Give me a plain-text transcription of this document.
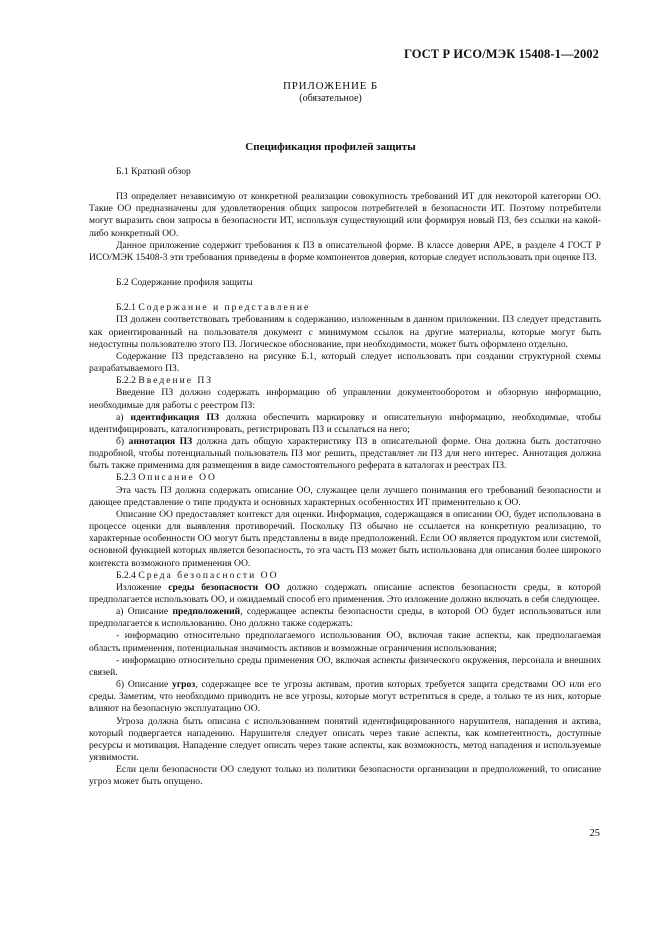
ГОСТ Р ИСО/МЭК 15408-1—2002
ПРИЛОЖЕНИЕ Б
(обязательное)
Спецификация профилей защиты

Б.1 Краткий обзор

ПЗ определяет независимую от конкретной реализации совокупность требований ИТ для некоторой категории ОО. Такие ОО предназначены для удовлетворения общих запросов потребителей в безопасности ИТ. Поэтому потребители могут выразить свои запросы в безопасности ИТ, используя существующий или формируя новый ПЗ, без ссылки на какой-либо конкретный ОО.

Данное приложение содержит требования к ПЗ в описательной форме. В классе доверия APE, в разделе 4 ГОСТ Р ИСО/МЭК 15408-3 эти требования приведены в форме компонентов доверия, которые следует использовать при оценке ПЗ.

Б.2 Содержание профиля защиты

Б.2.1 Содержание и представление

ПЗ должен соответствовать требованиям к содержанию, изложенным в данном приложении. ПЗ следует представить как ориентированный на пользователя документ с минимумом ссылок на другие материалы, которые могут быть недоступны пользователю этого ПЗ. Логическое обоснование, при необходимости, может быть оформлено отдельно.

Содержание ПЗ представлено на рисунке Б.1, который следует использовать при создании структурной схемы разрабатываемого ПЗ.

Б.2.2 Введение ПЗ

Введение ПЗ должно содержать информацию об управлении документооборотом и обзорную информацию, необходимые для работы с реестром ПЗ:

а) идентификация ПЗ должна обеспечить маркировку и описательную информацию, необходимые, чтобы идентифицировать, каталогизировать, регистрировать ПЗ и ссылаться на него;

б) аннотация ПЗ должна дать общую характеристику ПЗ в описательной форме. Она должна быть достаточно подробной, чтобы потенциальный пользователь ПЗ мог решить, представляет ли ПЗ для него интерес. Аннотация должна быть также применима для размещения в виде самостоятельного реферата в каталогах и реестрах ПЗ.

Б.2.3 Описание ОО

Эта часть ПЗ должна содержать описание ОО, служащее цели лучшего понимания его требований безопасности и дающее представление о типе продукта и основных характерных особенностях ИТ применительно к ОО.

Описание ОО предоставляет контекст для оценки. Информация, содержащаяся в описании ОО, будет использована в процессе оценки для выявления противоречий. Поскольку ПЗ обычно не ссылается на конкретную реализацию, то характерные особенности ОО могут быть представлены в виде предположений. Если ОО является продуктом или системой, основной функцией которых является безопасность, то эта часть ПЗ может быть использована для описания более широкого контекста возможного применения ОО.

Б.2.4 Среда безопасности ОО

Изложение среды безопасности ОО должно содержать описание аспектов безопасности среды, в которой предполагается использовать ОО, и ожидаемый способ его применения. Это изложение должно включать в себя следующее.

а) Описание предположений, содержащее аспекты безопасности среды, в которой ОО будет использоваться или предполагается к использованию. Оно должно также содержать:

- информацию относительно предполагаемого использования ОО, включая такие аспекты, как предполагаемая область применения, потенциальная значимость активов и возможные ограничения использования;

- информацию относительно среды применения ОО, включая аспекты физического окружения, персонала и внешних связей.

б) Описание угроз, содержащее все те угрозы активам, против которых требуется защита средствами ОО или его среды. Заметим, что необходимо приводить не все угрозы, которые могут встретиться в среде, а только те из них, которые влияют на безопасную эксплуатацию ОО.

Угроза должна быть описана с использованием понятий идентифицированного нарушителя, нападения и актива, который подвергается нападению. Нарушителя следует описать через такие аспекты, как компетентность, доступные ресурсы и мотивация. Нападение следует описать через такие аспекты, как возможность, метод нападения и используемые уязвимости.

Если цели безопасности ОО следуют только из политики безопасности организации и предположений, то описание угроз может быть опущено.

25
